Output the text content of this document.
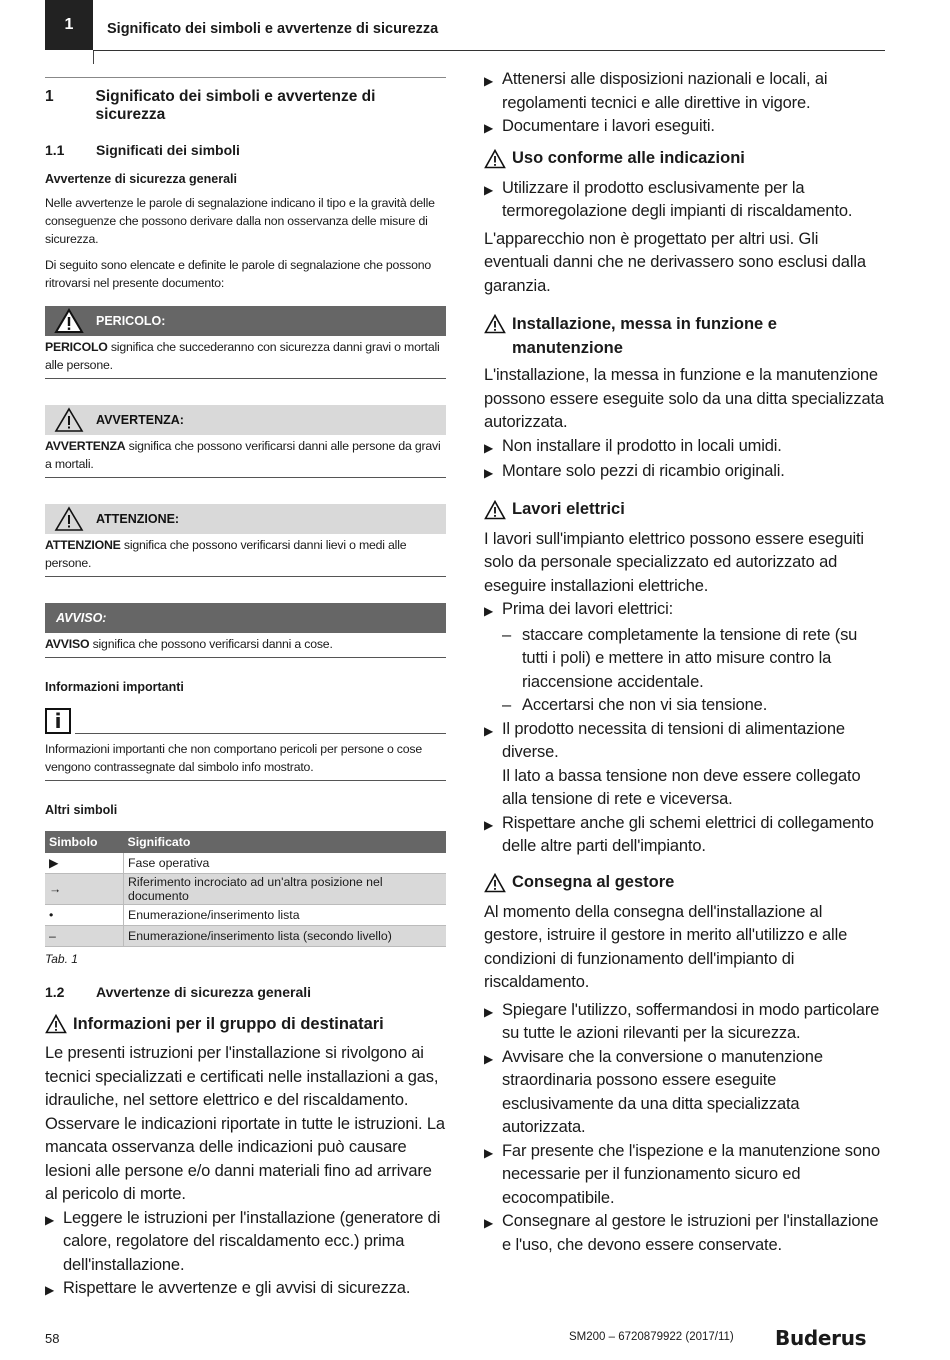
1	Significato dei simboli e avvertenze di sicurezza
1	Significato dei simboli e avvertenze di sicurezza
1.1	Significati dei simboli
Avvertenze di sicurezza generali
Nelle avvertenze le parole di segnalazione indicano il tipo e la gravità delle conseguenze che possono derivare dalla non osservanza delle misure di sicurezza.
Di seguito sono elencate e definite le parole di segnalazione che possono ritrovarsi nel presente documento:
PERICOLO:
PERICOLO significa che succederanno con sicurezza danni gravi o mortali alle persone.
AVVERTENZA:
AVVERTENZA significa che possono verificarsi danni alle persone da gravi a mortali.
ATTENZIONE:
ATTENZIONE significa che possono verificarsi danni lievi o medi alle persone.
AVVISO:
AVVISO significa che possono verificarsi danni a cose.
Informazioni importanti
i
Informazioni importanti che non comportano pericoli per persone o cose vengono contrassegnate dal simbolo info mostrato.
Altri simboli
Simbolo	Significato
▶	Fase operativa
→	Riferimento incrociato ad un'altra posizione nel documento
•	Enumerazione/inserimento lista
–	Enumerazione/inserimento lista (secondo livello)
Tab. 1
1.2	Avvertenze di sicurezza generali
Informazioni per il gruppo di destinatari
Le presenti istruzioni per l'installazione si rivolgono ai tecnici specializzati e certificati nelle installazioni a gas, idrauliche, nel settore elettrico e del riscaldamento. Osservare le indicazioni riportate in tutte le istruzioni. La mancata osservanza delle indicazioni può causare lesioni alle persone e/o danni materiali fino ad arrivare al pericolo di morte.
▶ Leggere le istruzioni per l'installazione (generatore di calore, regolatore del riscaldamento ecc.) prima dell'installazione.
▶ Rispettare le avvertenze e gli avvisi di sicurezza.
▶ Attenersi alle disposizioni nazionali e locali, ai regolamenti tecnici e alle direttive in vigore.
▶ Documentare i lavori eseguiti.
Uso conforme alle indicazioni
▶ Utilizzare il prodotto esclusivamente per la termoregolazione degli impianti di riscaldamento.
L'apparecchio non è progettato per altri usi. Gli eventuali danni che ne derivassero sono esclusi dalla garanzia.
Installazione, messa in funzione e manutenzione
L'installazione, la messa in funzione e la manutenzione possono essere eseguite solo da una ditta specializzata autorizzata.
▶ Non installare il prodotto in locali umidi.
▶ Montare solo pezzi di ricambio originali.
Lavori elettrici
I lavori sull'impianto elettrico possono essere eseguiti solo da personale specializzato ed autorizzato ad eseguire installazioni elettriche.
▶ Prima dei lavori elettrici:
– staccare completamente la tensione di rete (su tutti i poli) e mettere in atto misure contro la riaccensione accidentale.
– Accertarsi che non vi sia tensione.
▶ Il prodotto necessita di tensioni di alimentazione diverse.
Il lato a bassa tensione non deve essere collegato alla tensione di rete e viceversa.
▶ Rispettare anche gli schemi elettrici di collegamento delle altre parti dell'impianto.
Consegna al gestore
Al momento della consegna dell'installazione al gestore, istruire il gestore in merito all'utilizzo e alle condizioni di funzionamento dell'impianto di riscaldamento.
▶ Spiegare l'utilizzo, soffermandosi in modo particolare su tutte le azioni rilevanti per la sicurezza.
▶ Avvisare che la conversione o manutenzione straordinaria possono essere eseguite esclusivamente da una ditta specializzata autorizzata.
▶ Far presente che l'ispezione e la manutenzione sono necessarie per il funzionamento sicuro ed ecocompatibile.
▶ Consegnare al gestore le istruzioni per l'installazione e l'uso, che devono essere conservate.
58	SM200 – 6720879922 (2017/11) Buderus
